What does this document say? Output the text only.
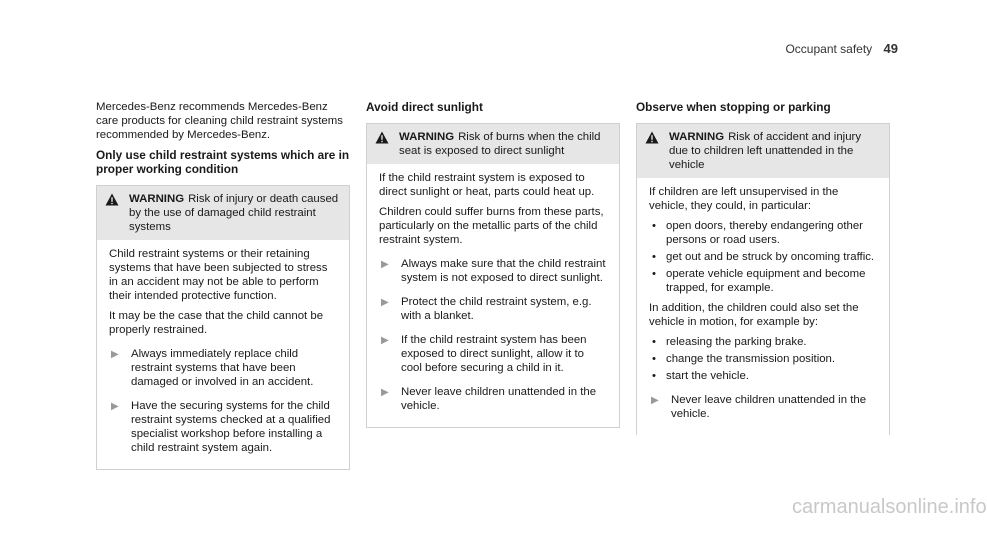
Occupant safety 49

Mercedes-Benz recommends Mercedes-Benz care products for cleaning child restraint systems recommended by Mercedes-Benz.

Only use child restraint systems which are in proper working condition
WARNING Risk of injury or death caused by the use of damaged child restraint systems

Child restraint systems or their retaining systems that have been subjected to stress in an accident may not be able to perform their intended protective function.

It may be the case that the child cannot be properly restrained.

▶	Always immediately replace child restraint systems that have been damaged or involved in an accident.
▶	Have the securing systems for the child restraint systems checked at a qualified specialist workshop before installing a child restraint system again.
Avoid direct sunlight
WARNING Risk of burns when the child seat is exposed to direct sunlight

If the child restraint system is exposed to direct sunlight or heat, parts could heat up.

Children could suffer burns from these parts, particularly on the metallic parts of the child restraint system.

▶	Always make sure that the child restraint system is not exposed to direct sunlight.
▶	Protect the child restraint system, e.g. with a blanket.
▶	If the child restraint system has been exposed to direct sunlight, allow it to cool before securing a child in it.
▶	Never leave children unattended in the vehicle.
Observe when stopping or parking
WARNING Risk of accident and injury due to children left unattended in the vehicle

If children are left unsupervised in the vehicle, they could, in particular:

• open doors, thereby endangering other persons or road users.
• get out and be struck by oncoming traffic.
• operate vehicle equipment and become trapped, for example.

In addition, the children could also set the vehicle in motion, for example by:

• releasing the parking brake.
• change the transmission position.
• start the vehicle.
▶	Never leave children unattended in the vehicle.
carmanualsonline.info
